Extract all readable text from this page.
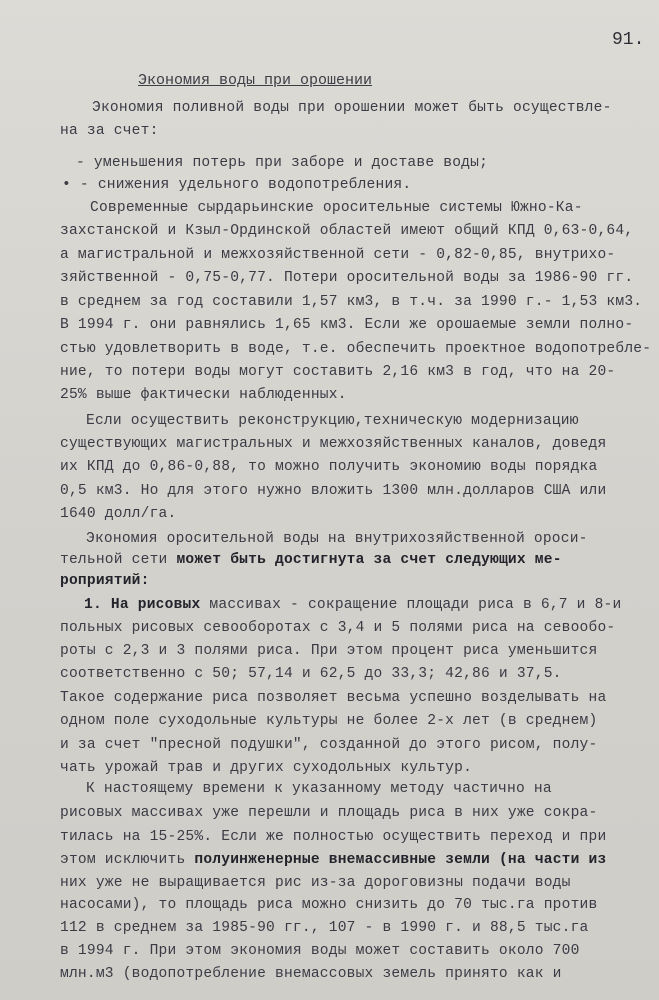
91.
Экономия воды при орошении
Экономия поливной воды при орошении может быть осуществле-
на за счет:
- уменьшения потерь при заборе и доставе воды;
• - снижения удельного водопотребления.
Современные сырдарьинские оросительные системы Южно-Ка-
захстанской и Кзыл-Ординской областей имеют общий КПД 0,63-0,64,
а магистральной и межхозяйственной сети - 0,82-0,85, внутрихо-
зяйственной - 0,75-0,77. Потери оросительной воды за 1986-90 гг.
в среднем за год составили 1,57 км3, в т.ч. за 1990 г.- 1,53 км3.
В 1994 г. они равнялись 1,65 км3. Если же орошаемые земли полно-
стью удовлетворить в воде, т.е. обеспечить проектное водопотребле-
ние, то потери воды могут составить 2,16 км3 в год, что на 20-
25% выше фактически наблюденных.
Если осуществить реконструкцию,техническую модернизацию
существующих магистральных и межхозяйственных каналов, доведя
их КПД до 0,86-0,88, то можно получить экономию воды порядка
0,5 км3. Но для этого нужно вложить 1300 млн.долларов США или
1640 долл/га.
Экономия оросительной воды на внутрихозяйственной ороси-
тельной сети может быть достигнута за счет следующих ме-
роприятий:
1. На рисовых массивах - сокращение площади риса в 6,7 и 8-и
польных рисовых севооборотах с 3,4 и 5 полями риса на севообо-
роты с 2,3 и 3 полями риса. При этом процент риса уменьшится
соответственно с 50; 57,14 и 62,5 до 33,3; 42,86 и 37,5.
Такое содержание риса позволяет весьма успешно возделывать на
одном поле суходольные культуры не более 2-х лет (в среднем)
и за счет "пресной подушки", созданной до этого рисом, полу-
чать урожай трав и других суходольных культур.
К настоящему времени к указанному методу частично на
рисовых массивах уже перешли и площадь риса в них уже сокра-
тилась на 15-25%. Если же полностью осуществить переход и при
этом исключить полуинженерные внемассивные земли (на части из
них уже не выращивается рис из-за дороговизны подачи воды
насосами), то площадь риса можно снизить до 70 тыс.га против
112 в среднем за 1985-90 гг., 107 - в 1990 г. и 88,5 тыс.га
в 1994 г. При этом экономия воды может составить около 700
млн.м3 (водопотребление внемассовых земель принято как и
